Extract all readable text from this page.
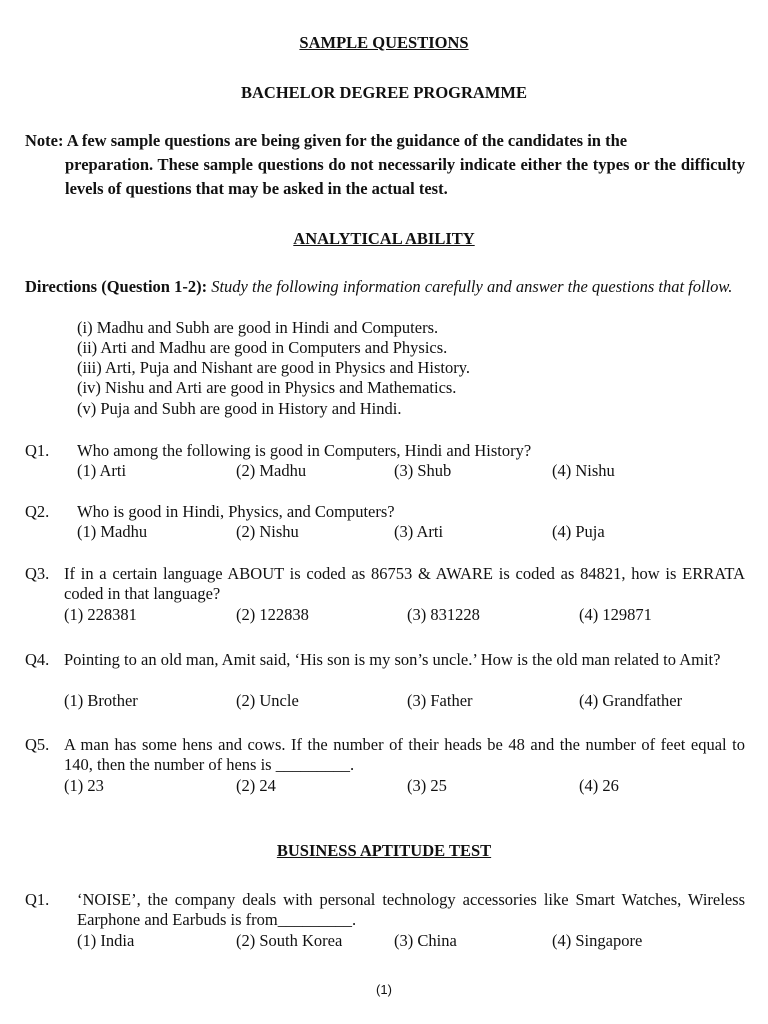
SAMPLE QUESTIONS
BACHELOR DEGREE PROGRAMME
Note: A few sample questions are being given for the guidance of the candidates in the
preparation. These sample questions do not necessarily indicate either the types or the difficulty levels of questions that may be asked in the actual test.
ANALYTICAL ABILITY
Directions (Question 1-2): Study the following information carefully and answer the questions that follow.
(i) Madhu and Subh are good in Hindi and Computers.
(ii) Arti and Madhu are good in Computers and Physics.
(iii) Arti, Puja and Nishant are good in Physics and History.
(iv) Nishu and Arti are good in Physics and Mathematics.
(v) Puja and Subh are good in History and Hindi.
Q1. Who among the following is good in Computers, Hindi and History?
(1) Arti	(2) Madhu	(3) Shub	(4) Nishu
Q2. Who is good in Hindi, Physics, and Computers?
(1) Madhu	(2) Nishu	(3) Arti	(4) Puja
Q3. If in a certain language ABOUT is coded as 86753 & AWARE is coded as 84821, how is ERRATA coded in that language?
(1) 228381	(2) 122838	(3) 831228	(4) 129871
Q4. Pointing to an old man, Amit said, ‘His son is my son’s uncle.’ How is the old man related to Amit?
(1) Brother	(2) Uncle	(3) Father	(4) Grandfather
Q5. A man has some hens and cows. If the number of their heads be 48 and the number of feet equal to 140, then the number of hens is _________.
(1) 23	(2) 24	(3) 25	(4) 26
BUSINESS APTITUDE TEST
Q1. ‘NOISE’, the company deals with personal technology accessories like Smart Watches, Wireless Earphone and Earbuds is from_________.
(1) India	(2) South Korea	(3) China	(4) Singapore
(1)
